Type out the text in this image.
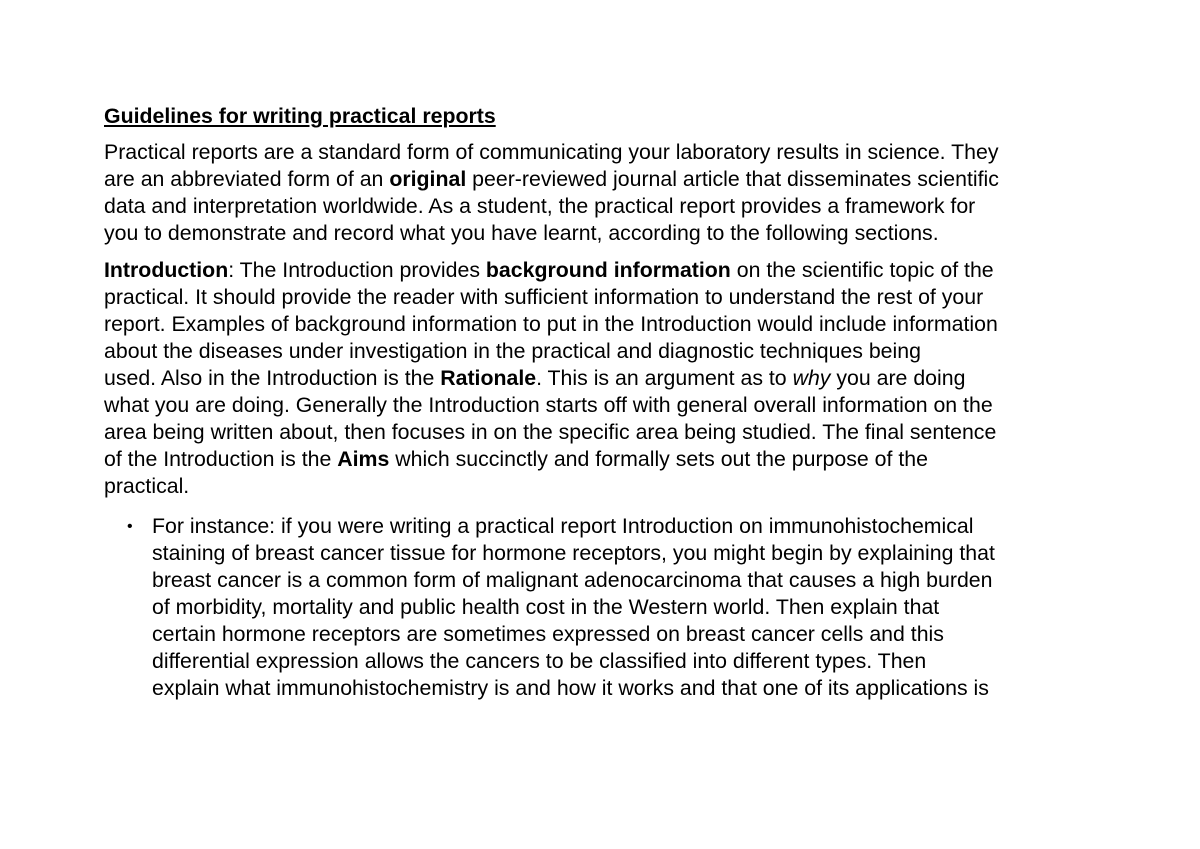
Guidelines for writing practical reports
Practical reports are a standard form of communicating your laboratory results in science. They
are an abbreviated form of an original peer-reviewed journal article that disseminates scientific
data and interpretation worldwide. As a student, the practical report provides a framework for
you to demonstrate and record what you have learnt, according to the following sections.
Introduction: The Introduction provides background information on the scientific topic of the
practical. It should provide the reader with sufficient information to understand the rest of your
report. Examples of background information to put in the Introduction would include information
about the diseases under investigation in the practical and diagnostic techniques being
used. Also in the Introduction is the Rationale. This is an argument as to why you are doing
what you are doing. Generally the Introduction starts off with general overall information on the
area being written about, then focuses in on the specific area being studied. The final sentence
of the Introduction is the Aims which succinctly and formally sets out the purpose of the
practical.
• For instance: if you were writing a practical report Introduction on immunohistochemical
staining of breast cancer tissue for hormone receptors, you might begin by explaining that
breast cancer is a common form of malignant adenocarcinoma that causes a high burden
of morbidity, mortality and public health cost in the Western world. Then explain that
certain hormone receptors are sometimes expressed on breast cancer cells and this
differential expression allows the cancers to be classified into different types. Then
explain what immunohistochemistry is and how it works and that one of its applications is
